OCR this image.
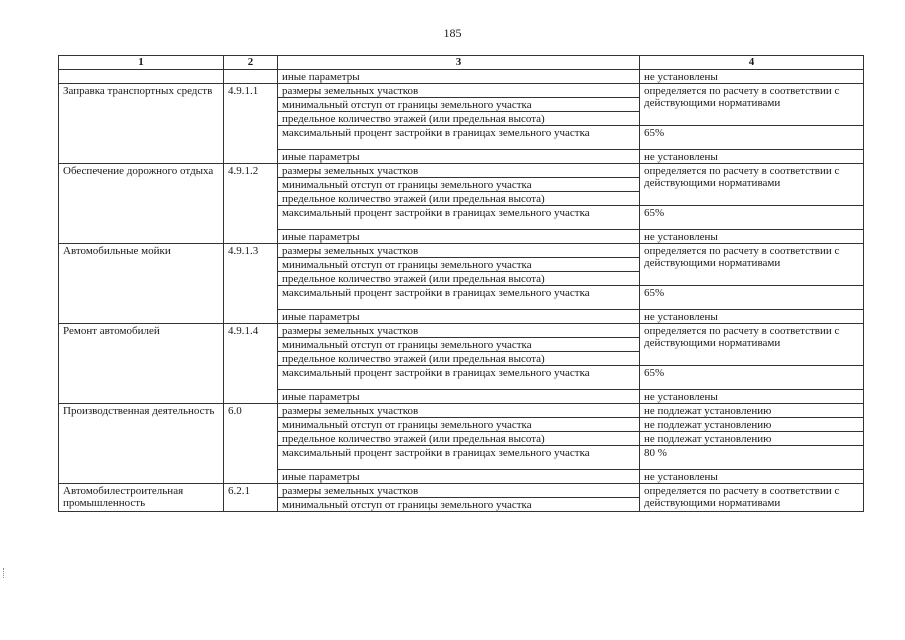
185
1	2	3	4
		иные параметры	не установлены
Заправка транспортных средств	4.9.1.1	размеры земельных участков	определяется по расчету в соответствии с действующими нормативами
		минимальный отступ от границы земельного участка	
		предельное количество этажей (или предельная высота)	
		максимальный процент застройки в границах земельного участка	65%
		иные параметры	не установлены
Обеспечение дорожного отдыха	4.9.1.2	размеры земельных участков	определяется по расчету в соответствии с действующими нормативами
		минимальный отступ от границы земельного участка	
		предельное количество этажей (или предельная высота)	
		максимальный процент застройки в границах земельного участка	65%
		иные параметры	не установлены
Автомобильные мойки	4.9.1.3	размеры земельных участков	определяется по расчету в соответствии с действующими нормативами
		минимальный отступ от границы земельного участка	
		предельное количество этажей (или предельная высота)	
		максимальный процент застройки в границах земельного участка	65%
		иные параметры	не установлены
Ремонт автомобилей	4.9.1.4	размеры земельных участков	определяется по расчету в соответствии с действующими нормативами
		минимальный отступ от границы земельного участка	
		предельное количество этажей (или предельная высота)	
		максимальный процент застройки в границах земельного участка	65%
		иные параметры	не установлены
Производственная деятельность	6.0	размеры земельных участков	не подлежат установлению
		минимальный отступ от границы земельного участка	не подлежат установлению
		предельное количество этажей (или предельная высота)	не подлежат установлению
		максимальный процент застройки в границах земельного участка	80 %
		иные параметры	не установлены
Автомобилестроительная промышленность	6.2.1	размеры земельных участков	определяется по расчету в соответствии с действующими нормативами
		минимальный отступ от границы земельного участка	
